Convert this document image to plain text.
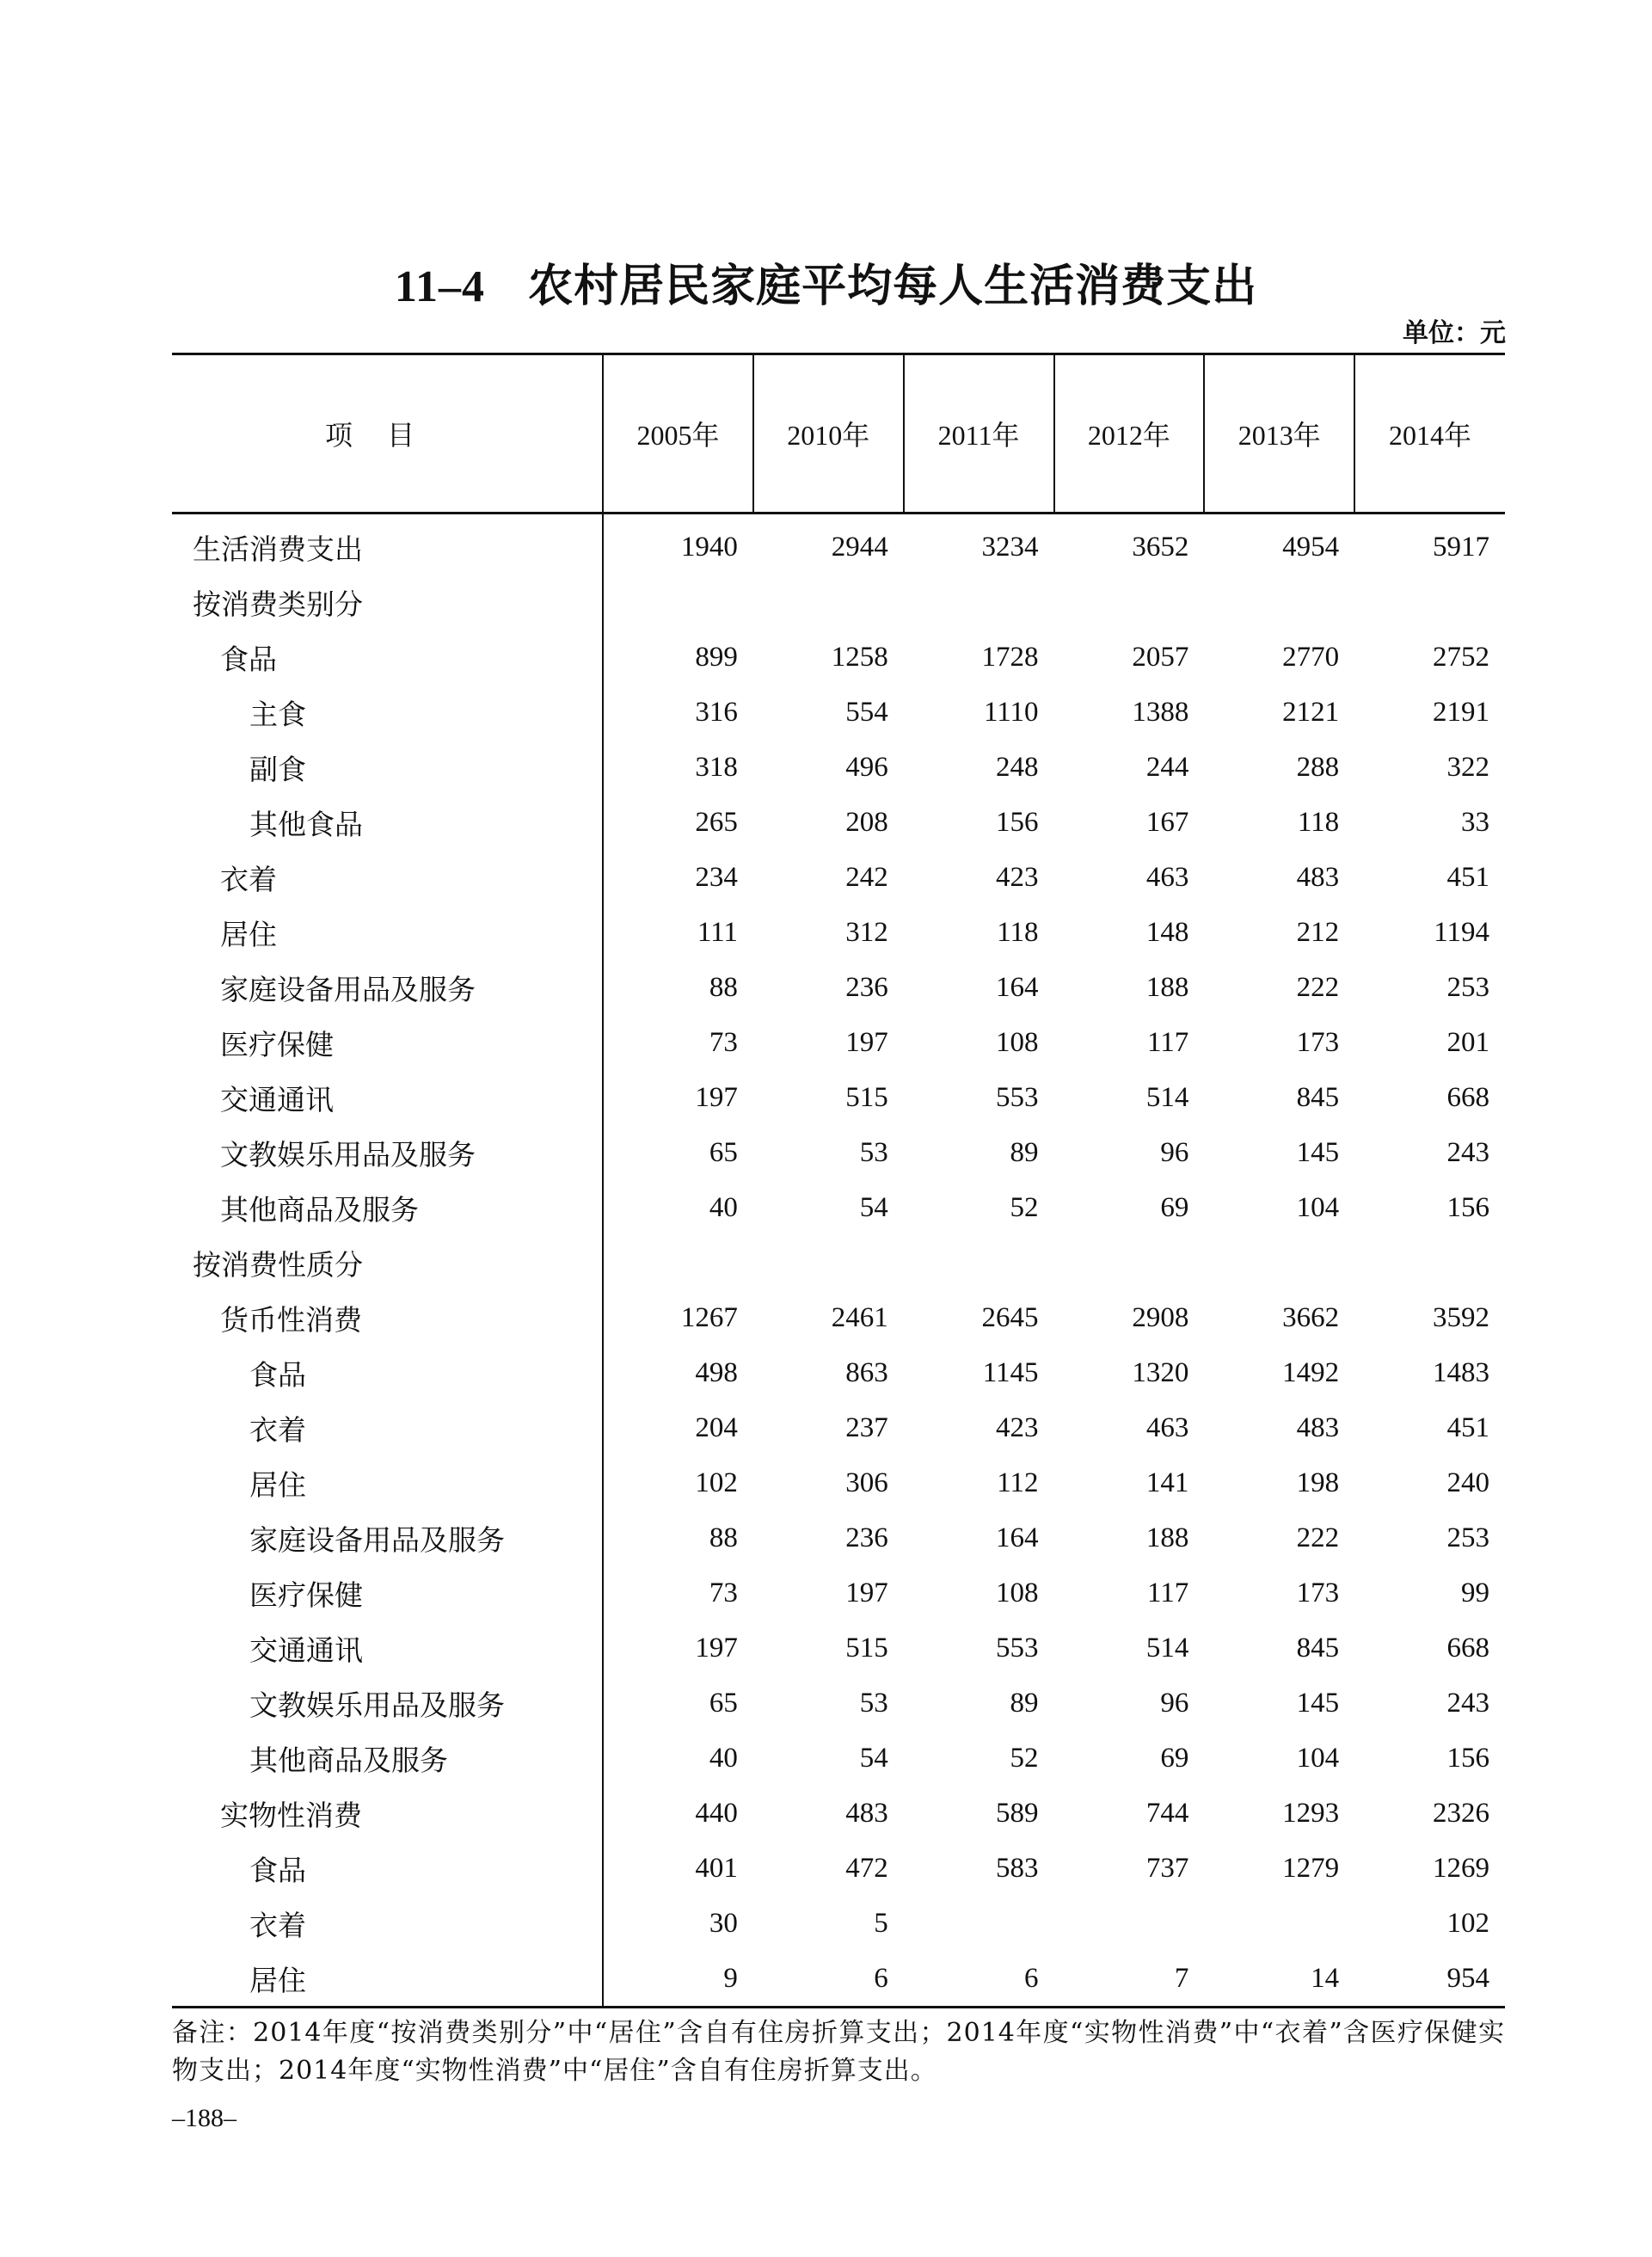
11–4 农村居民家庭平均每人生活消费支出
单位：元
项目	2005年	2010年	2011年	2012年	2013年	2014年
生活消费支出	1940	2944	3234	3652	4954	5917
按消费类别分						
食品	899	1258	1728	2057	2770	2752
主食	316	554	1110	1388	2121	2191
副食	318	496	248	244	288	322
其他食品	265	208	156	167	118	33
衣着	234	242	423	463	483	451
居住	111	312	118	148	212	1194
家庭设备用品及服务	88	236	164	188	222	253
医疗保健	73	197	108	117	173	201
交通通讯	197	515	553	514	845	668
文教娱乐用品及服务	65	53	89	96	145	243
其他商品及服务	40	54	52	69	104	156
按消费性质分						
货币性消费	1267	2461	2645	2908	3662	3592
食品	498	863	1145	1320	1492	1483
衣着	204	237	423	463	483	451
居住	102	306	112	141	198	240
家庭设备用品及服务	88	236	164	188	222	253
医疗保健	73	197	108	117	173	99
交通通讯	197	515	553	514	845	668
文教娱乐用品及服务	65	53	89	96	145	243
其他商品及服务	40	54	52	69	104	156
实物性消费	440	483	589	744	1293	2326
食品	401	472	583	737	1279	1269
衣着	30	5				102
居住	9	6	6	7	14	954
备注：2014年度“按消费类别分”中“居住”含自有住房折算支出；2014年度“实物性消费”中“衣着”含医疗保健实物支出；2014年度“实物性消费”中“居住”含自有住房折算支出。
–188–
